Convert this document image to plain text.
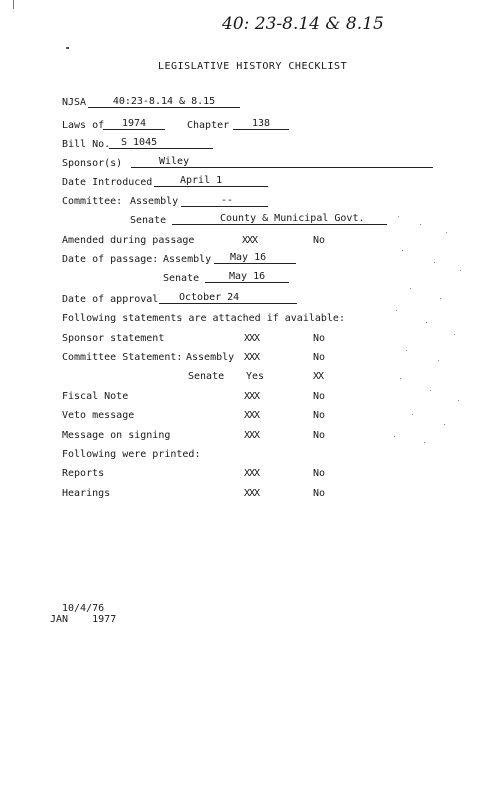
40: 23-8.14 & 8.15
LEGISLATIVE HISTORY CHECKLIST
NJSA	40:23-8.14 & 8.15
Laws of	1974	Chapter	138
Bill No.	S 1045
Sponsor(s)	Wiley
Date Introduced	April 1
Committee: Assembly	--
Senate	County & Municipal Govt.
Amended during passage	XXX	No
Date of passage: Assembly	May 16
Senate	May 16
Date of approval	October 24
Following statements are attached if available:
Sponsor statement	XXX	No
Committee Statement: Assembly XXX	No
Senate Yes	XX
Fiscal Note	XXX	No
Veto message	XXX	No
Message on signing	XXX	No
Following were printed:
Reports	XXX	No
Hearings	XXX	No
10/4/76
JAN    1977
